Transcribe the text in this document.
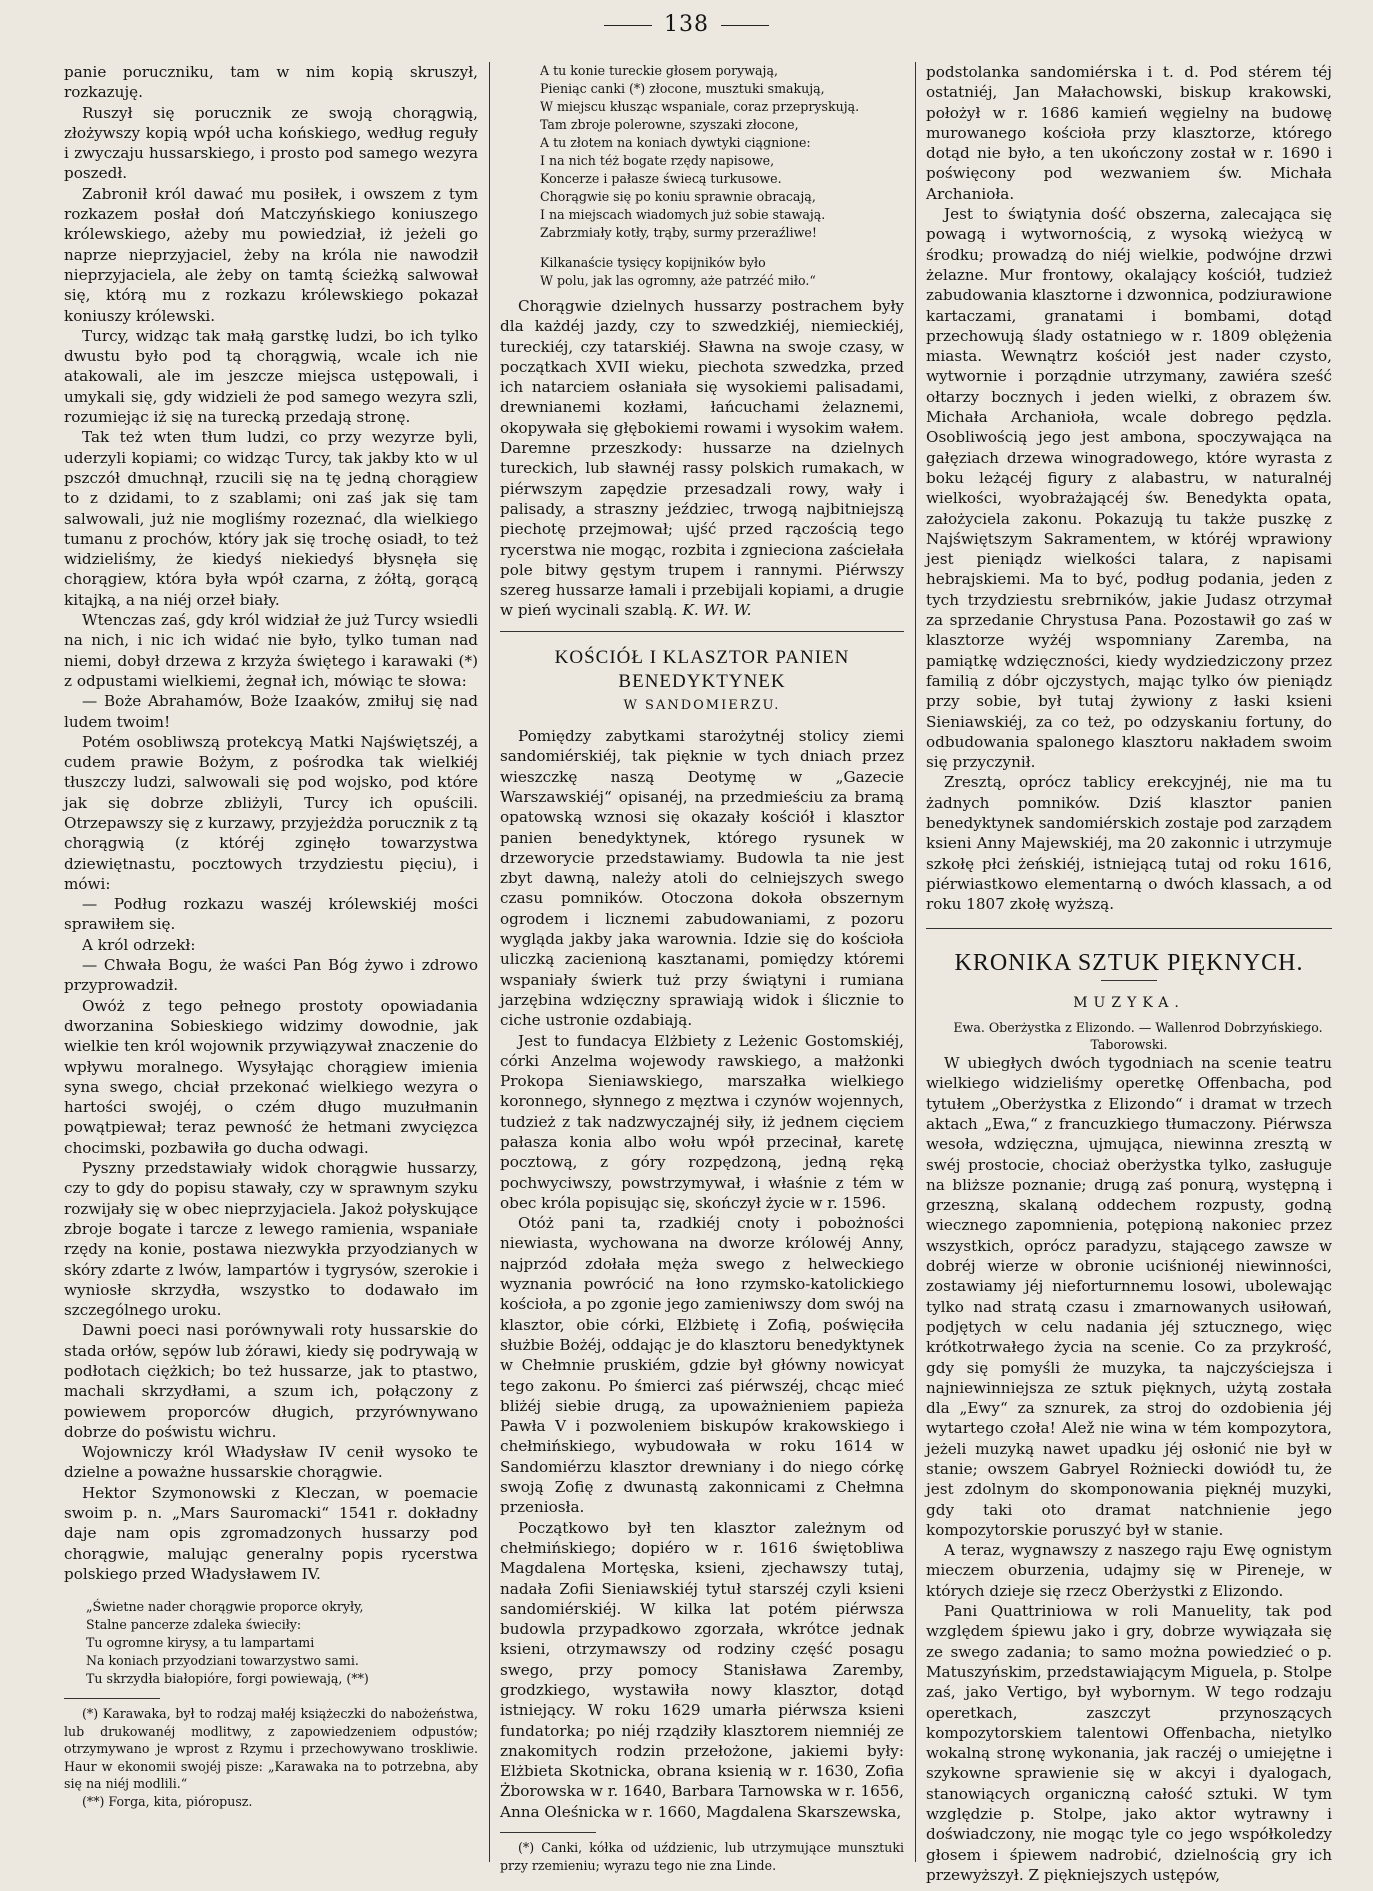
138

panie poruczniku, tam w nim kopią skruszył, rozkazuję.

Ruszył się porucznik ze swoją chorągwią, złożywszy kopią wpół ucha końskiego, według reguły i zwyczaju hussarskiego, i prosto pod samego wezyra poszedł.

Zabronił król dawać mu posiłek, i owszem z tym rozkazem posłał doń Matczyńskiego koniuszego królewskiego, ażeby mu powiedział, iż jeżeli go naprze nieprzyjaciel, żeby na króla nie nawodził nieprzyjaciela, ale żeby on tamtą ścieżką salwował się, którą mu z rozkazu królewskiego pokazał koniuszy królewski.

Turcy, widząc tak małą garstkę ludzi, bo ich tylko dwustu było pod tą chorągwią, wcale ich nie atakowali, ale im jeszcze miejsca ustępowali, i umykali się, gdy widzieli że pod samego wezyra szli, rozumiejąc iż się na turecką przedają stronę.

Tak też wten tłum ludzi, co przy wezyrze byli, uderzyli kopiami; co widząc Turcy, tak jakby kto w ul pszczół dmuchnął, rzucili się na tę jedną chorągiew to z dzidami, to z szablami; oni zaś jak się tam salwowali, już nie mogliśmy rozeznać, dla wielkiego tumanu z prochów, który jak się trochę osiadł, to też widzieliśmy, że kiedyś niekiedyś błysnęła się chorągiew, która była wpół czarna, z żółtą, gorącą kitajką, a na niéj orzeł biały.

Wtenczas zaś, gdy król widział że już Turcy wsiedli na nich, i nic ich widać nie było, tylko tuman nad niemi, dobył drzewa z krzyża świętego i karawaki (*) z odpustami wielkiemi, żegnał ich, mówiąc te słowa:

— Boże Abrahamów, Boże Izaaków, zmiłuj się nad ludem twoim!

Potém osobliwszą protekcyą Matki Najświętszéj, a cudem prawie Bożym, z pośrodka tak wielkiéj tłuszczy ludzi, salwowali się pod wojsko, pod które jak się dobrze zbliżyli, Turcy ich opuścili. Otrzepawszy się z kurzawy, przyjeżdża porucznik z tą chorągwią (z któréj zginęło towarzystwa dziewiętnastu, pocztowych trzydziestu pięciu), i mówi:

— Podług rozkazu waszéj królewskiéj mości sprawiłem się.

A król odrzekł:

— Chwała Bogu, że waści Pan Bóg żywo i zdrowo przyprowadził.

Owóż z tego pełnego prostoty opowiadania dworzanina Sobieskiego widzimy dowodnie, jak wielkie ten król wojownik przywiązywał znaczenie do wpływu moralnego. Wysyłając chorągiew imienia syna swego, chciał przekonać wielkiego wezyra o hartości swojéj, o czém długo muzułmanin powątpiewał; teraz pewność że hetmani zwycięzca chocimski, pozbawiła go ducha odwagi.

Pyszny przedstawiały widok chorągwie hussarzy, czy to gdy do popisu stawały, czy w sprawnym szyku rozwijały się w obec nieprzyjaciela. Jakoż połyskujące zbroje bogate i tarcze z lewego ramienia, wspaniałe rzędy na konie, postawa niezwykła przyodzianych w skóry zdarte z lwów, lampartów i tygrysów, szerokie i wyniosłe skrzydła, wszystko to dodawało im szczególnego uroku.

Dawni poeci nasi porównywali roty hussarskie do stada orłów, sępów lub żórawi, kiedy się podrywają w podłotach ciężkich; bo też hussarze, jak to ptastwo, machali skrzydłami, a szum ich, połączony z powiewem proporców długich, przyrównywano dobrze do poświstu wichru.

Wojowniczy król Władysław IV cenił wysoko te dzielne a poważne hussarskie chorągwie.

Hektor Szymonowski z Kleczan, w poemacie swoim p. n. „Mars Sauromacki“ 1541 r. dokładny daje nam opis zgromadzonych hussarzy pod chorągwie, malując generalny popis rycerstwa polskiego przed Władysławem IV.

„Świetne nader chorągwie proporce okryły,
Stalne pancerze zdaleka świeciły:
Tu ogromne kirysy, a tu lampartami
Na koniach przyodziani towarzystwo sami.
Tu skrzydła białopióre, forgi powiewają, (**)

(*) Karawaka, był to rodzaj małéj książeczki do nabożeństwa, lub drukowanéj modlitwy, z zapowiedzeniem odpustów; otrzymywano je wprost z Rzymu i przechowywano troskliwie. Haur w ekonomii swojéj pisze: „Karawaka na to potrzebna, aby się na niéj modlili.“

(**) Forga, kita, pióropusz.

A tu konie tureckie głosem porywają,
Pieniąc canki (*) złocone, musztuki smakują,
W miejscu kłusząc wspaniale, coraz przepryskują.
Tam zbroje polerowne, szyszaki złocone,
A tu złotem na koniach dywtyki ciągnione:
I na nich téż bogate rzędy napisowe,
Koncerze i pałasze świecą turkusowe.
Chorągwie się po koniu sprawnie obracają,
I na miejscach wiadomych już sobie stawają.
Zabrzmiały kotły, trąby, surmy przeraźliwe!
Kilkanaście tysięcy kopijników było
W polu, jak las ogromny, aże patrzéć miło.“

Chorągwie dzielnych hussarzy postrachem były dla każdéj jazdy, czy to szwedzkiéj, niemieckiéj, tureckiéj, czy tatarskiéj. Sławna na swoje czasy, w początkach XVII wieku, piechota szwedzka, przed ich natarciem osłaniała się wysokiemi palisadami, drewnianemi kozłami, łańcuchami żelaznemi, okopywała się głębokiemi rowami i wysokim wałem. Daremne przeszkody: hussarze na dzielnych tureckich, lub sławnéj rassy polskich rumakach, w piérwszym zapędzie przesadzali rowy, wały i palisady, a straszny jeździec, trwogą najbitniejszą piechotę przejmował; ujść przed rączością tego rycerstwa nie mogąc, rozbita i zgnieciona zaściełała pole bitwy gęstym trupem i rannymi. Piérwszy szereg hussarze łamali i przebijali kopiami, a drugie w pień wycinali szablą. K. Wł. W.

KOŚCIÓŁ I KLASZTOR PANIEN BENEDYKTYNEK
W SANDOMIERZU.

Pomiędzy zabytkami starożytnéj stolicy ziemi sandomiérskiéj, tak pięknie w tych dniach przez wieszczkę naszą Deotymę w „Gazecie Warszawskiéj“ opisanéj, na przedmieściu za bramą opatowską wznosi się okazały kościół i klasztor panien benedyktynek, którego rysunek w drzeworycie przedstawiamy. Budowla ta nie jest zbyt dawną, należy atoli do celniejszych swego czasu pomników. Otoczona dokoła obszernym ogrodem i licznemi zabudowaniami, z pozoru wygląda jakby jaka warownia. Idzie się do kościoła uliczką zacienioną kasztanami, pomiędzy któremi wspaniały świerk tuż przy świątyni i rumiana jarzębina wdzięczny sprawiają widok i ślicznie to ciche ustronie ozdabiają.

Jest to fundacya Elżbiety z Leżenic Gostomskiéj, córki Anzelma wojewody rawskiego, a małżonki Prokopa Sieniawskiego, marszałka wielkiego koronnego, słynnego z męztwa i czynów wojennych, tudzież z tak nadzwyczajnéj siły, iż jednem cięciem pałasza konia albo wołu wpół przecinał, karetę pocztową, z góry rozpędzoną, jedną ręką pochwyciwszy, powstrzymywał, i właśnie z tém w obec króla popisując się, skończył życie w r. 1596.

Otóż pani ta, rzadkiéj cnoty i pobożności niewiasta, wychowana na dworze królowéj Anny, najprzód zdołała męża swego z helweckiego wyznania powrócić na łono rzymsko-katolickiego kościoła, a po zgonie jego zamieniwszy dom swój na klasztor, obie córki, Elżbietę i Zofią, poświęciła służbie Bożéj, oddając je do klasztoru benedyktynek w Chełmnie pruskiém, gdzie był główny nowicyat tego zakonu. Po śmierci zaś piérwszéj, chcąc mieć bliżéj siebie drugą, za upoważnieniem papieża Pawła V i pozwoleniem biskupów krakowskiego i chełmińskiego, wybudowała w roku 1614 w Sandomiérzu klasztor drewniany i do niego córkę swoją Zofię z dwunastą zakonnicami z Chełmna przeniosła.

Początkowo był ten klasztor zależnym od chełmińskiego; dopiéro w r. 1616 świętobliwa Magdalena Mortęska, ksieni, zjechawszy tutaj, nadała Zofii Sieniawskiéj tytuł starszéj czyli ksieni sandomiérskiéj. W kilka lat potém piérwsza budowla przypadkowo zgorzała, wkrótce jednak ksieni, otrzymawszy od rodziny część posagu swego, przy pomocy Stanisława Zaremby, grodzkiego, wystawiła nowy klasztor, dotąd istniejący. W roku 1629 umarła piérwsza ksieni fundatorka; po niéj rządziły klasztorem niemniéj ze znakomitych rodzin przełożone, jakiemi były: Elżbieta Skotnicka, obrana ksienią w r. 1630, Zofia Żborowska w r. 1640, Barbara Tarnowska w r. 1656, Anna Oleśnicka w r. 1660, Magdalena Skarszewska,

(*) Canki, kółka od uździenic, lub utrzymujące munsztuki przy rzemieniu; wyrazu tego nie zna Linde.

podstolanka sandomiérska i t. d. Pod stérem téj ostatniéj, Jan Małachowski, biskup krakowski, położył w r. 1686 kamień węgielny na budowę murowanego kościoła przy klasztorze, którego dotąd nie było, a ten ukończony został w r. 1690 i poświęcony pod wezwaniem św. Michała Archanioła.

Jest to świątynia dość obszerna, zalecająca się powagą i wytwornością, z wysoką wieżycą w środku; prowadzą do niéj wielkie, podwójne drzwi żelazne. Mur frontowy, okalający kościół, tudzież zabudowania klasztorne i dzwonnica, podziurawione kartaczami, granatami i bombami, dotąd przechowują ślady ostatniego w r. 1809 oblężenia miasta. Wewnątrz kościół jest nader czysto, wytwornie i porządnie utrzymany, zawiéra sześć ołtarzy bocznych i jeden wielki, z obrazem św. Michała Archanioła, wcale dobrego pędzla. Osobliwością jego jest ambona, spoczywająca na gałęziach drzewa winogradowego, które wyrasta z boku leżącéj figury z alabastru, w naturalnéj wielkości, wyobrażającéj św. Benedykta opata, założyciela zakonu. Pokazują tu także puszkę z Najświętszym Sakramentem, w któréj wprawiony jest pieniądz wielkości talara, z napisami hebrajskiemi. Ma to być, podług podania, jeden z tych trzydziestu srebrników, jakie Judasz otrzymał za sprzedanie Chrystusa Pana. Pozostawił go zaś w klasztorze wyżéj wspomniany Zaremba, na pamiątkę wdzięczności, kiedy wydziedziczony przez familią z dóbr ojczystych, mając tylko ów pieniądz przy sobie, był tutaj żywiony z łaski ksieni Sieniawskiéj, za co też, po odzyskaniu fortuny, do odbudowania spalonego klasztoru nakładem swoim się przyczynił.

Zresztą, oprócz tablicy erekcyjnéj, nie ma tu żadnych pomników. Dziś klasztor panien benedyktynek sandomiérskich zostaje pod zarządem ksieni Anny Majewskiéj, ma 20 zakonnic i utrzymuje szkołę płci żeńskiéj, istniejącą tutaj od roku 1616, piérwiastkowo elementarną o dwóch klassach, a od roku 1807 zkołę wyższą.

KRONIKA SZTUK PIĘKNYCH.
MUZYKA.

Ewa. Oberżystka z Elizondo. — Wallenrod Dobrzyńskiego. Taborowski.

W ubiegłych dwóch tygodniach na scenie teatru wielkiego widzieliśmy operetkę Offenbacha, pod tytułem „Oberżystka z Elizondo“ i dramat w trzech aktach „Ewa,“ z francuzkiego tłumaczony. Piérwsza wesoła, wdzięczna, ujmująca, niewinna zresztą w swéj prostocie, chociaż oberżystka tylko, zasługuje na bliższe poznanie; drugą zaś ponurą, występną i grzeszną, skalaną oddechem rozpusty, godną wiecznego zapomnienia, potępioną nakoniec przez wszystkich, oprócz paradyzu, stającego zawsze w dobréj wierze w obronie uciśnionéj niewinności, zostawiamy jéj nieforturnnemu losowi, ubolewając tylko nad stratą czasu i zmarnowanych usiłowań, podjętych w celu nadania jéj sztucznego, więc krótkotrwałego życia na scenie. Co za przykrość, gdy się pomyśli że muzyka, ta najczyściejsza i najniewinniejsza ze sztuk pięknych, użytą została dla „Ewy“ za sznurek, za stroj do ozdobienia jéj wytartego czoła! Alež nie wina w tém kompozytora, jeżeli muzyką nawet upadku jéj osłonić nie był w stanie; owszem Gabryel Rożniecki dowiódł tu, że jest zdolnym do skomponowania pięknéj muzyki, gdy taki oto dramat natchnienie jego kompozytorskie poruszyć był w stanie.

A teraz, wygnawszy z naszego raju Ewę ognistym mieczem oburzenia, udajmy się w Pireneje, w których dzieje się rzecz Oberżystki z Elizondo.

Pani Quattriniowa w roli Manuelity, tak pod względem śpiewu jako i gry, dobrze wywiązała się ze swego zadania; to samo można powiedzieć o p. Matuszyńskim, przedstawiającym Miguela, p. Stolpe zaś, jako Vertigo, był wybornym. W tego rodzaju operetkach, zaszczyt przynoszących kompozytorskiem talentowi Offenbacha, nietylko wokalną stronę wykonania, jak raczéj o umiejętne i szykowne sprawienie się w akcyi i dyalogach, stanowiących organiczną całość sztuki. W tym względzie p. Stolpe, jako aktor wytrawny i doświadczony, nie mogąc tyle co jego współkoledzy głosem i śpiewem nadrobić, dzielnością gry ich przewyższył. Z piękniejszych ustępów,
